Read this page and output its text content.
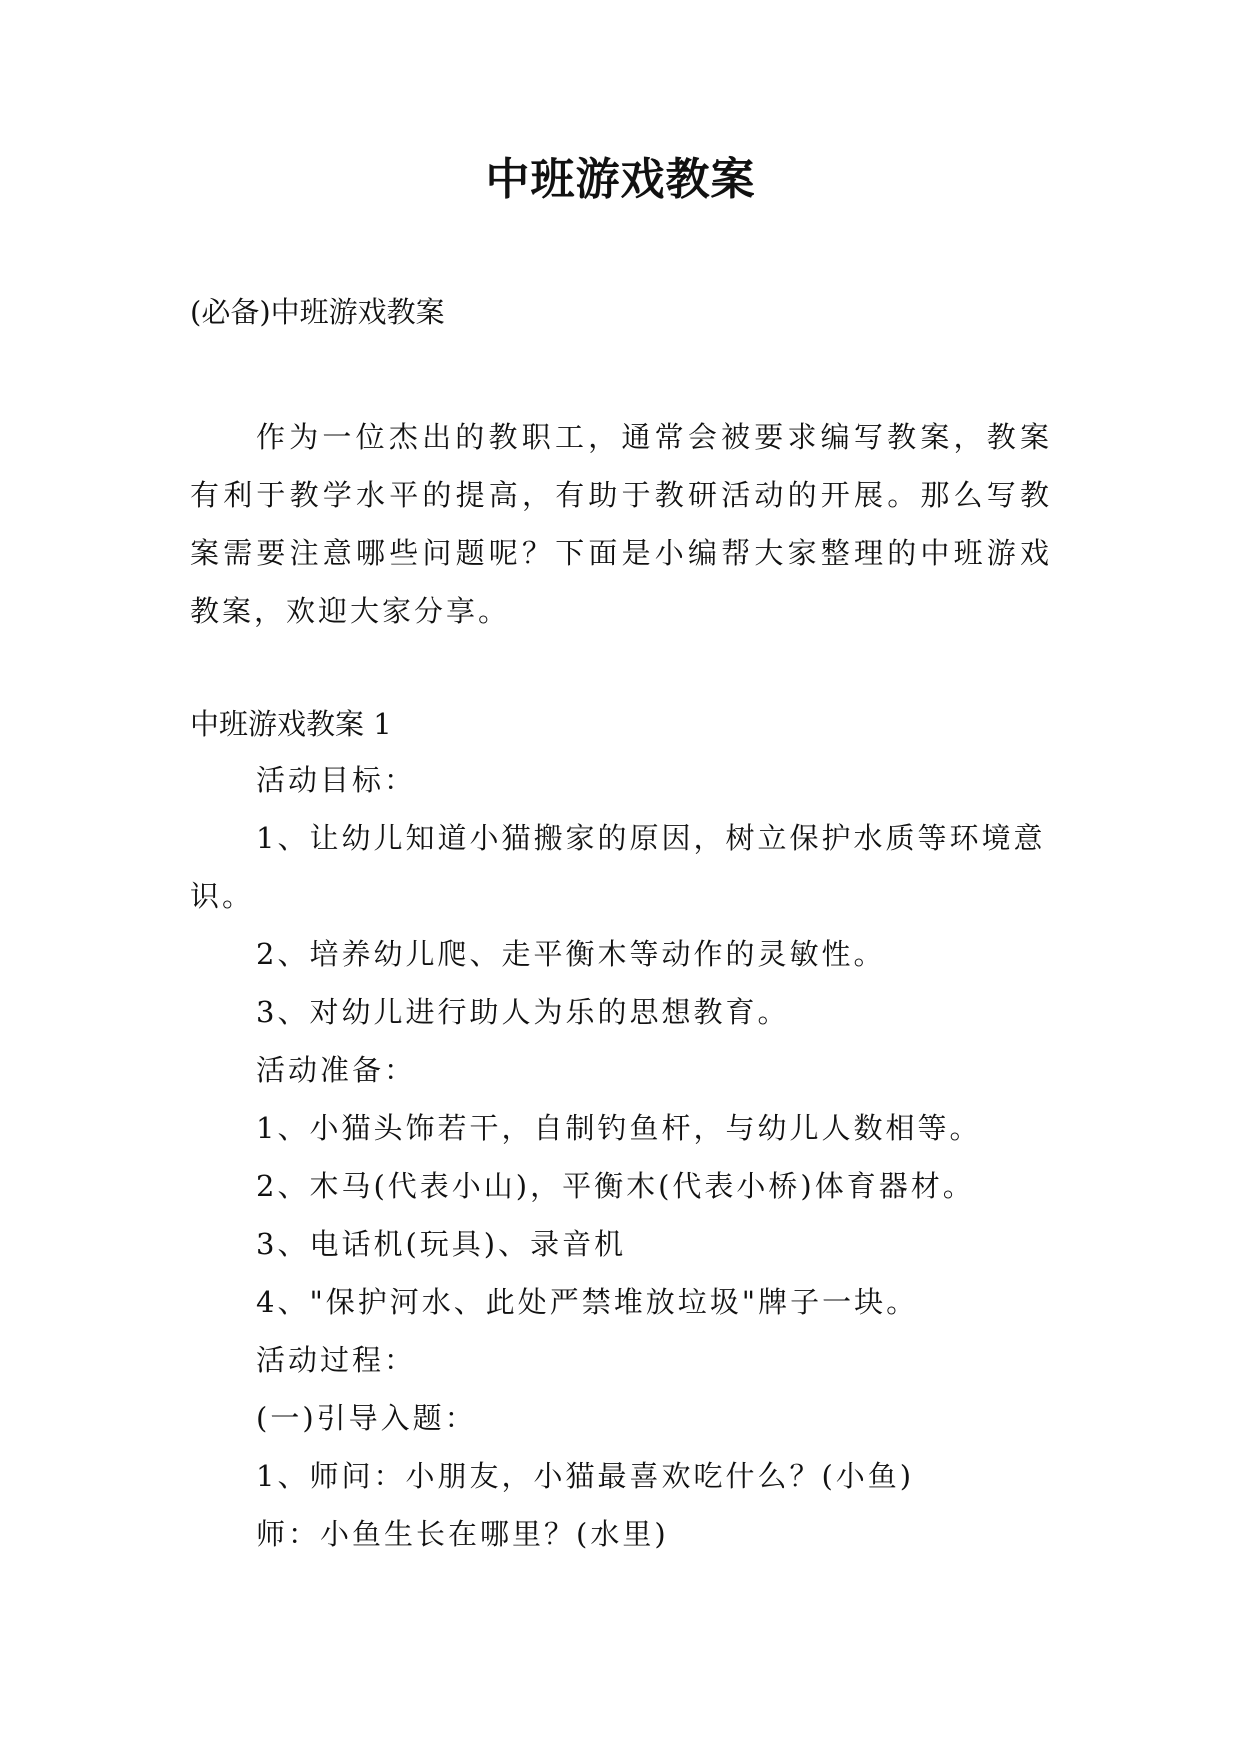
中班游戏教案

(必备)中班游戏教案

作为一位杰出的教职工，通常会被要求编写教案，教案有利于教学水平的提高，有助于教研活动的开展。那么写教案需要注意哪些问题呢？下面是小编帮大家整理的中班游戏教案，欢迎大家分享。

中班游戏教案 1

活动目标：
1、让幼儿知道小猫搬家的原因，树立保护水质等环境意识。
2、培养幼儿爬、走平衡木等动作的灵敏性。
3、对幼儿进行助人为乐的思想教育。
活动准备：
1、小猫头饰若干，自制钓鱼杆，与幼儿人数相等。
2、木马(代表小山)，平衡木(代表小桥)体育器材。
3、电话机(玩具)、录音机
4、"保护河水、此处严禁堆放垃圾"牌子一块。
活动过程：
(一)引导入题：
1、师问：小朋友，小猫最喜欢吃什么？(小鱼)
师：小鱼生长在哪里？(水里)
